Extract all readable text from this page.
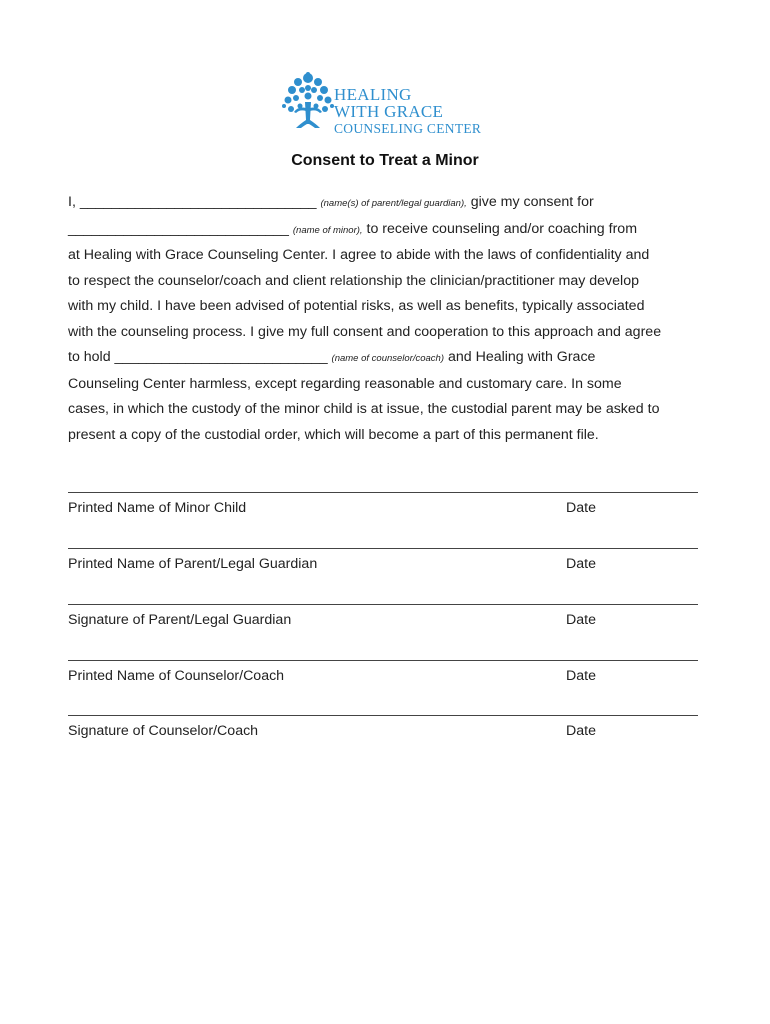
HEALING
WITH GRACE
COUNSELING CENTER
Consent to Treat a Minor
I, ______________________________ (name(s) of parent/legal guardian), give my consent for
____________________________ (name of minor), to receive counseling and/or coaching from
at Healing with Grace Counseling Center. I agree to abide with the laws of confidentiality and
to respect the counselor/coach and client relationship the clinician/practitioner may develop
with my child. I have been advised of potential risks, as well as benefits, typically associated
with the counseling process. I give my full consent and cooperation to this approach and agree
to hold ___________________________ (name of counselor/coach) and Healing with Grace
Counseling Center harmless, except regarding reasonable and customary care. In some
cases, in which the custody of the minor child is at issue, the custodial parent may be asked to
present a copy of the custodial order, which will become a part of this permanent file.
Printed Name of Minor Child	Date
Printed Name of Parent/Legal Guardian	Date
Signature of Parent/Legal Guardian	Date
Printed Name of Counselor/Coach	Date
Signature of Counselor/Coach	Date
